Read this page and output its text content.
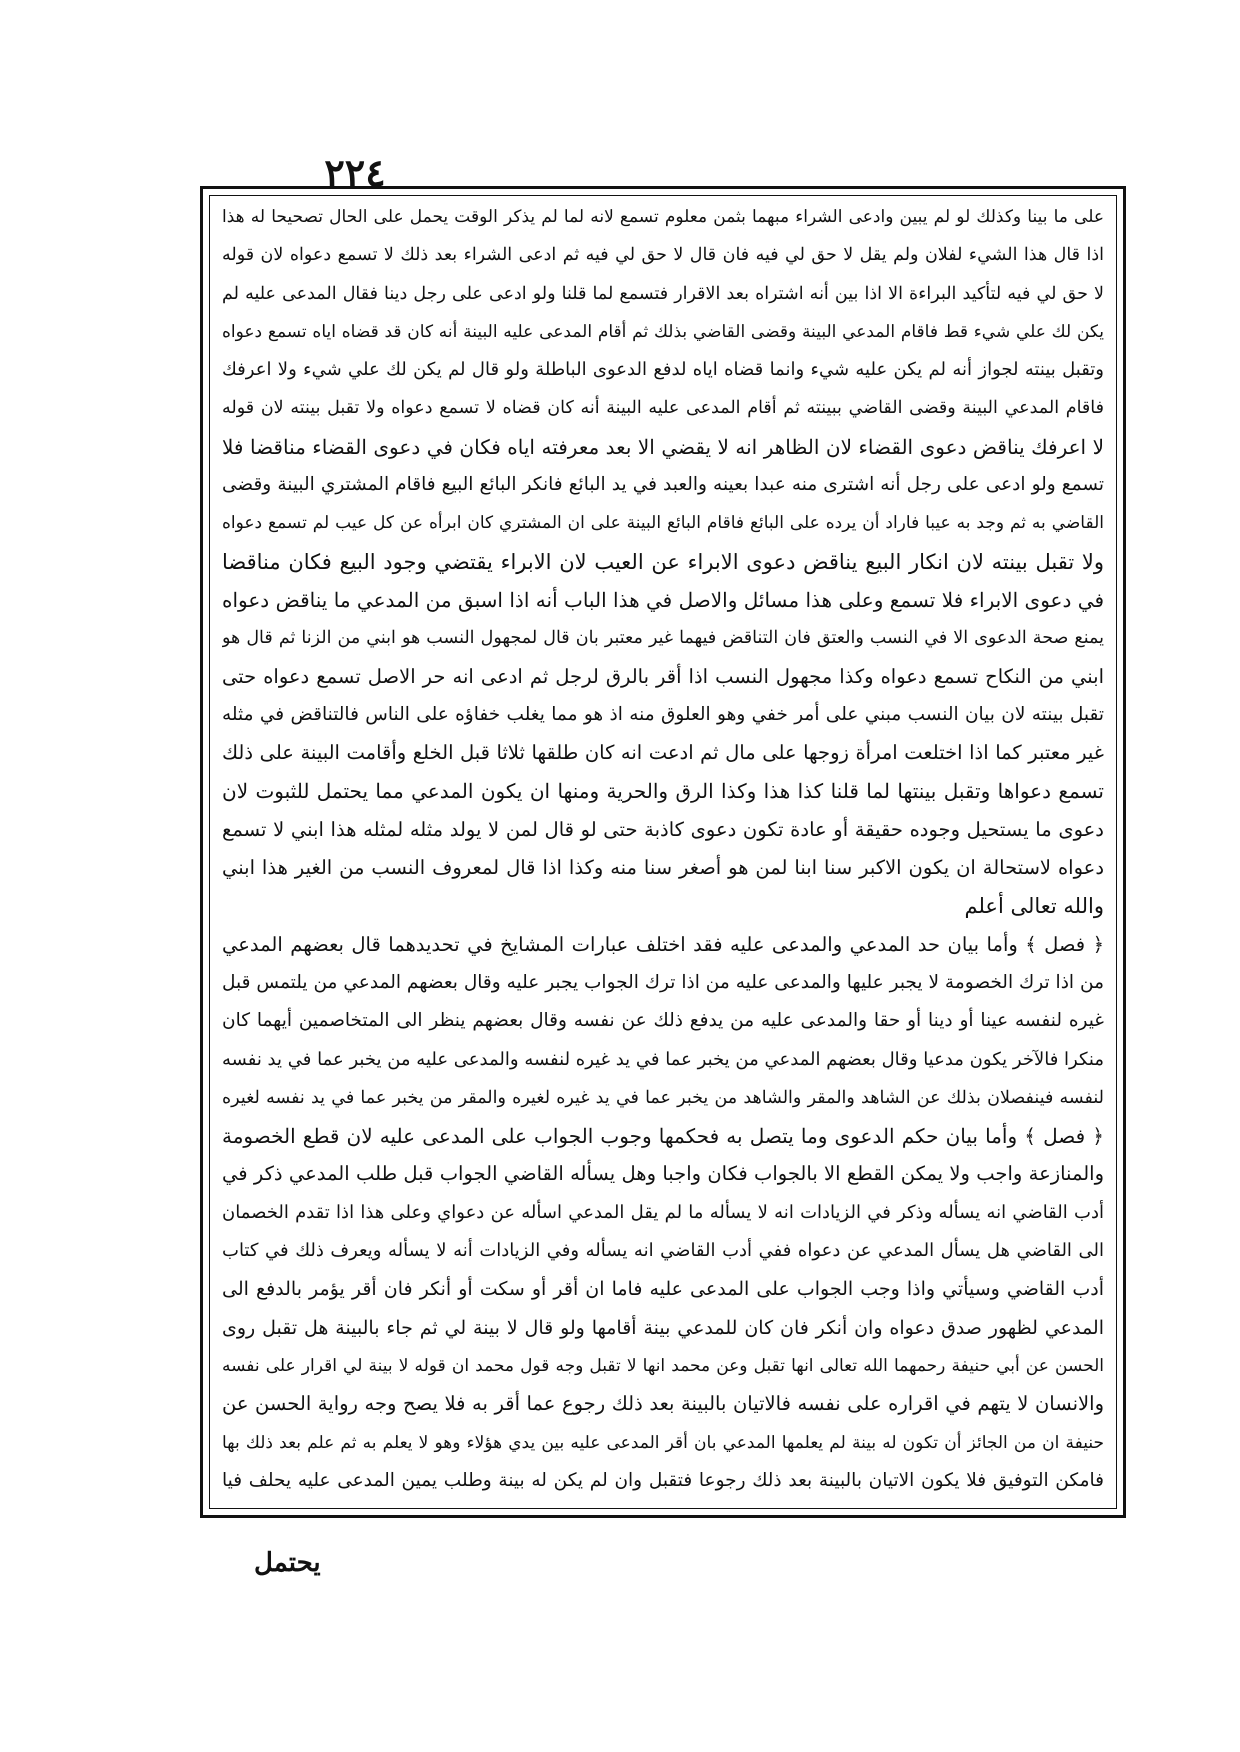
٢٢٤
على ما بينا وكذلك لو لم يبين وادعى الشراء مبهما بثمن معلوم تسمع لانه لما لم يذكر الوقت يحمل على الحال تصحيحا له هذا
اذا قال هذا الشيء لفلان ولم يقل لا حق لي فيه فان قال لا حق لي فيه ثم ادعى الشراء بعد ذلك لا تسمع دعواه لان قوله
لا حق لي فيه لتأكيد البراءة الا اذا بين أنه اشتراه بعد الاقرار فتسمع لما قلنا ولو ادعى على رجل دينا فقال المدعى عليه لم
يكن لك علي شيء قط فاقام المدعي البينة وقضى القاضي بذلك ثم أقام المدعى عليه البينة أنه كان قد قضاه اياه تسمع دعواه
وتقبل بينته لجواز أنه لم يكن عليه شيء وانما قضاه اياه لدفع الدعوى الباطلة ولو قال لم يكن لك علي شيء ولا اعرفك
فاقام المدعي البينة وقضى القاضي ببينته ثم أقام المدعى عليه البينة أنه كان قضاه لا تسمع دعواه ولا تقبل بينته لان قوله
لا اعرفك يناقض دعوى القضاء لان الظاهر انه لا يقضي الا بعد معرفته اياه فكان في دعوى القضاء مناقضا فلا
تسمع ولو ادعى على رجل أنه اشترى منه عبدا بعينه والعبد في يد البائع فانكر البائع البيع فاقام المشتري البينة وقضى
القاضي به ثم وجد به عيبا فاراد أن يرده على البائع فاقام البائع البينة على ان المشتري كان ابرأه عن كل عيب لم تسمع دعواه
ولا تقبل بينته لان انكار البيع يناقض دعوى الابراء عن العيب لان الابراء يقتضي وجود البيع فكان مناقضا
في دعوى الابراء فلا تسمع وعلى هذا مسائل والاصل في هذا الباب أنه اذا اسبق من المدعي ما يناقض دعواه
يمنع صحة الدعوى الا في النسب والعتق فان التناقض فيهما غير معتبر بان قال لمجهول النسب هو ابني من الزنا ثم قال هو
ابني من النكاح تسمع دعواه وكذا مجهول النسب اذا أقر بالرق لرجل ثم ادعى انه حر الاصل تسمع دعواه حتى
تقبل بينته لان بيان النسب مبني على أمر خفي وهو العلوق منه اذ هو مما يغلب خفاؤه على الناس فالتناقض في مثله
غير معتبر كما اذا اختلعت امرأة زوجها على مال ثم ادعت انه كان طلقها ثلاثا قبل الخلع وأقامت البينة على ذلك
تسمع دعواها وتقبل بينتها لما قلنا كذا هذا وكذا الرق والحرية ومنها ان يكون المدعي مما يحتمل للثبوت لان
دعوى ما يستحيل وجوده حقيقة أو عادة تكون دعوى كاذبة حتى لو قال لمن لا يولد مثله لمثله هذا ابني لا تسمع
دعواه لاستحالة ان يكون الاكبر سنا ابنا لمن هو أصغر سنا منه وكذا اذا قال لمعروف النسب من الغير هذا ابني
والله تعالى أعلم
﴿ فصل ﴾ وأما بيان حد المدعي والمدعى عليه فقد اختلف عبارات المشايخ في تحديدهما قال بعضهم المدعي
من اذا ترك الخصومة لا يجبر عليها والمدعى عليه من اذا ترك الجواب يجبر عليه وقال بعضهم المدعي من يلتمس قبل
غيره لنفسه عينا أو دينا أو حقا والمدعى عليه من يدفع ذلك عن نفسه وقال بعضهم ينظر الى المتخاصمين أيهما كان
منكرا فالآخر يكون مدعيا وقال بعضهم المدعي من يخبر عما في يد غيره لنفسه والمدعى عليه من يخبر عما في يد نفسه
لنفسه فينفصلان بذلك عن الشاهد والمقر والشاهد من يخبر عما في يد غيره لغيره والمقر من يخبر عما في يد نفسه لغيره
﴿ فصل ﴾ وأما بيان حكم الدعوى وما يتصل به فحكمها وجوب الجواب على المدعى عليه لان قطع الخصومة
والمنازعة واجب ولا يمكن القطع الا بالجواب فكان واجبا وهل يسأله القاضي الجواب قبل طلب المدعي ذكر في
أدب القاضي انه يسأله وذكر في الزيادات انه لا يسأله ما لم يقل المدعي اسأله عن دعواي وعلى هذا اذا تقدم الخصمان
الى القاضي هل يسأل المدعي عن دعواه ففي أدب القاضي انه يسأله وفي الزيادات أنه لا يسأله ويعرف ذلك في كتاب
أدب القاضي وسيأتي واذا وجب الجواب على المدعى عليه فاما ان أقر أو سكت أو أنكر فان أقر يؤمر بالدفع الى
المدعي لظهور صدق دعواه وان أنكر فان كان للمدعي بينة أقامها ولو قال لا بينة لي ثم جاء بالبينة هل تقبل روى
الحسن عن أبي حنيفة رحمهما الله تعالى انها تقبل وعن محمد انها لا تقبل وجه قول محمد ان قوله لا بينة لي اقرار على نفسه
والانسان لا يتهم في اقراره على نفسه فالاتيان بالبينة بعد ذلك رجوع عما أقر به فلا يصح وجه رواية الحسن عن
حنيفة ان من الجائز أن تكون له بينة لم يعلمها المدعي بان أقر المدعى عليه بين يدي هؤلاء وهو لا يعلم به ثم علم بعد ذلك بها
فامكن التوفيق فلا يكون الاتيان بالبينة بعد ذلك رجوعا فتقبل وان لم يكن له بينة وطلب يمين المدعى عليه يحلف فيا
يحتمل
